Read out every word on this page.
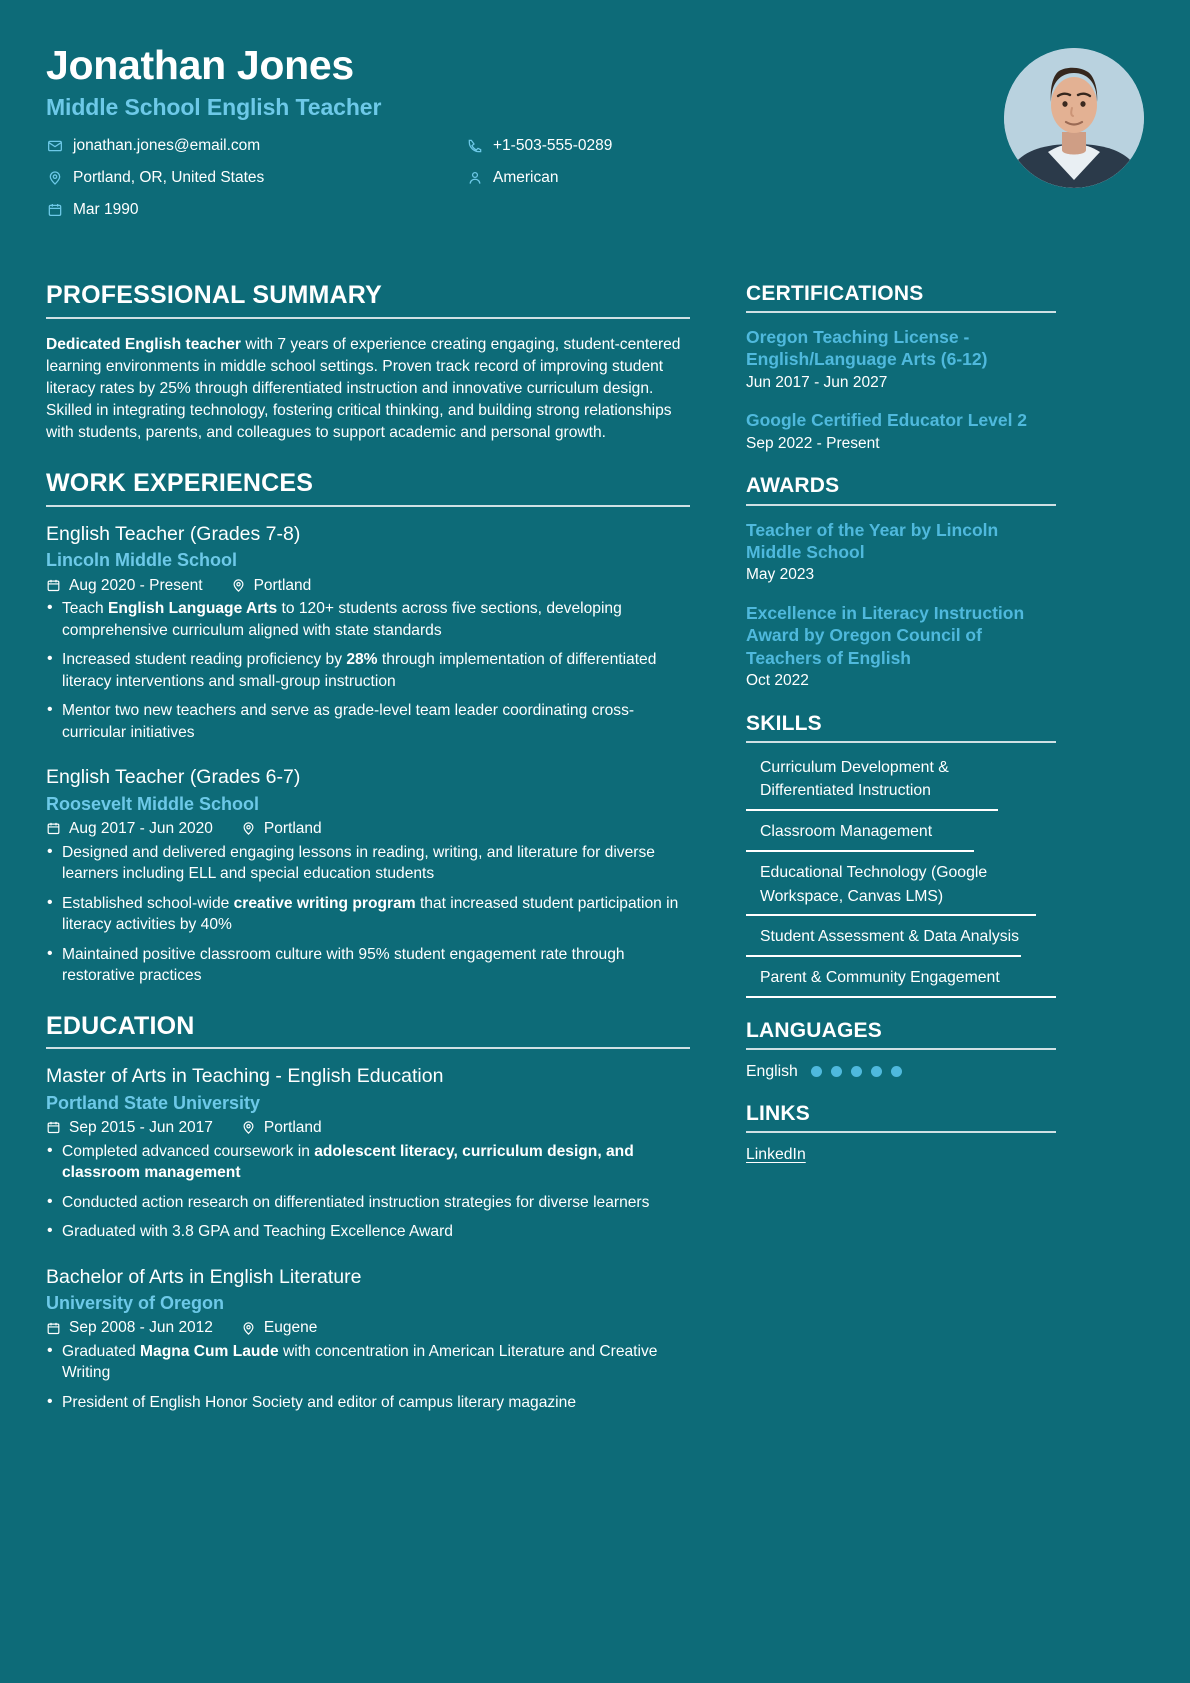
Jonathan Jones
Middle School English Teacher
jonathan.jones@email.com	+1-503-555-0289
Portland, OR, United States	American
Mar 1990
PROFESSIONAL SUMMARY

Dedicated English teacher with 7 years of experience creating engaging, student-centered learning environments in middle school settings. Proven track record of improving student literacy rates by 25% through differentiated instruction and innovative curriculum design. Skilled in integrating technology, fostering critical thinking, and building strong relationships with students, parents, and colleagues to support academic and personal growth.

WORK EXPERIENCES
English Teacher (Grades 7-8)
Lincoln Middle School
Aug 2020 - Present	Portland
• Teach English Language Arts to 120+ students across five sections, developing comprehensive curriculum aligned with state standards
• Increased student reading proficiency by 28% through implementation of differentiated literacy interventions and small-group instruction
• Mentor two new teachers and serve as grade-level team leader coordinating cross-curricular initiatives
English Teacher (Grades 6-7)
Roosevelt Middle School
Aug 2017 - Jun 2020	Portland
• Designed and delivered engaging lessons in reading, writing, and literature for diverse learners including ELL and special education students
• Established school-wide creative writing program that increased student participation in literacy activities by 40%
• Maintained positive classroom culture with 95% student engagement rate through restorative practices
EDUCATION
Master of Arts in Teaching - English Education
Portland State University
Sep 2015 - Jun 2017	Portland
• Completed advanced coursework in adolescent literacy, curriculum design, and classroom management
• Conducted action research on differentiated instruction strategies for diverse learners
• Graduated with 3.8 GPA and Teaching Excellence Award
Bachelor of Arts in English Literature
University of Oregon
Sep 2008 - Jun 2012	Eugene
• Graduated Magna Cum Laude with concentration in American Literature and Creative Writing
• President of English Honor Society and editor of campus literary magazine
CERTIFICATIONS
Oregon Teaching License - English/Language Arts (6-12)
Jun 2017 - Jun 2027
Google Certified Educator Level 2
Sep 2022 - Present
AWARDS
Teacher of the Year by Lincoln Middle School
May 2023
Excellence in Literacy Instruction Award by Oregon Council of Teachers of English
Oct 2022
SKILLS
Curriculum Development & Differentiated Instruction
Classroom Management
Educational Technology (Google Workspace, Canvas LMS)
Student Assessment & Data Analysis
Parent & Community Engagement
LANGUAGES
English
LINKS
LinkedIn
